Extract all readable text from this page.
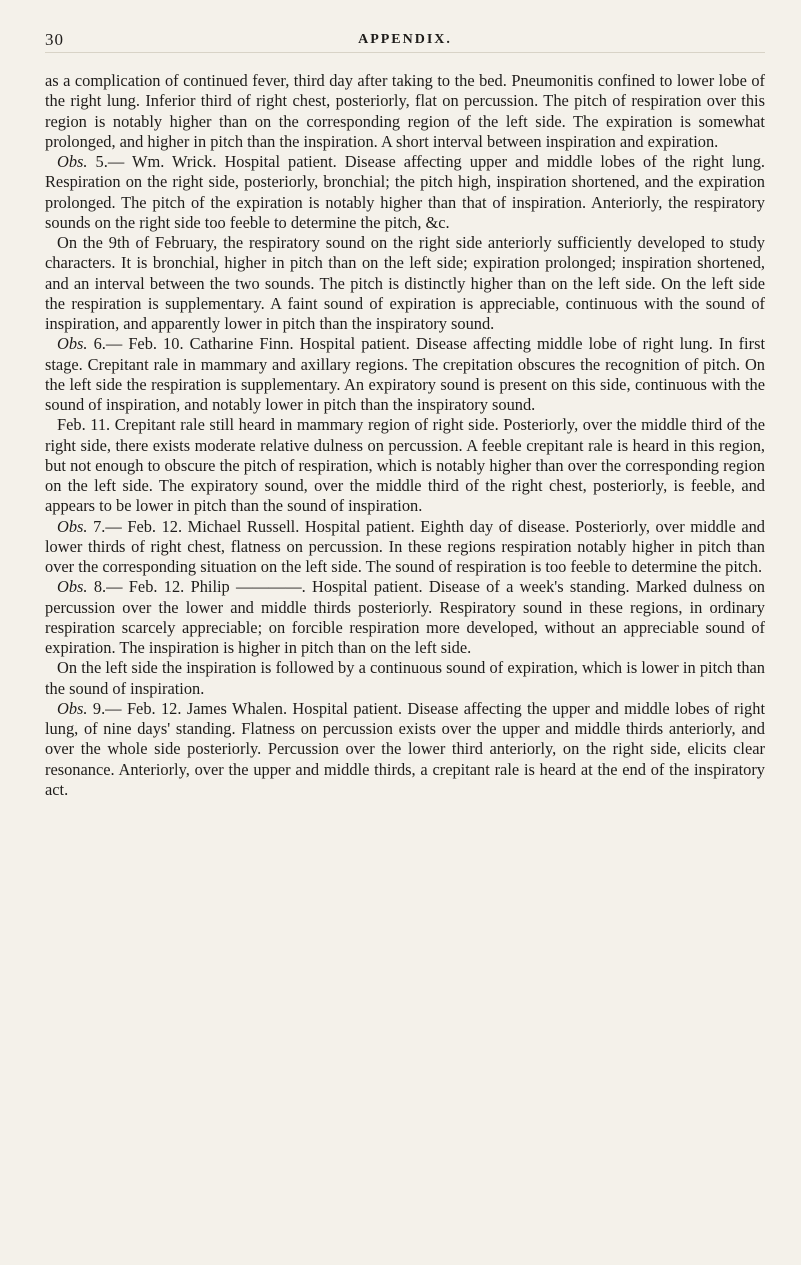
30	APPENDIX.

as a complication of continued fever, third day after taking to the bed. Pneumonitis confined to lower lobe of the right lung. Inferior third of right chest, posteriorly, flat on percussion. The pitch of respiration over this region is notably higher than on the corresponding region of the left side. The expiration is somewhat prolonged, and higher in pitch than the inspiration. A short interval between inspiration and expiration.

Obs. 5.— Wm. Wrick. Hospital patient. Disease affecting upper and middle lobes of the right lung. Respiration on the right side, posteriorly, bronchial; the pitch high, inspiration shortened, and the expiration prolonged. The pitch of the expiration is notably higher than that of inspiration. Anteriorly, the respiratory sounds on the right side too feeble to determine the pitch, &c.

On the 9th of February, the respiratory sound on the right side anteriorly sufficiently developed to study characters. It is bronchial, higher in pitch than on the left side; expiration prolonged; inspiration shortened, and an interval between the two sounds. The pitch is distinctly higher than on the left side. On the left side the respiration is supplementary. A faint sound of expiration is appreciable, continuous with the sound of inspiration, and apparently lower in pitch than the inspiratory sound.

Obs. 6.— Feb. 10. Catharine Finn. Hospital patient. Disease affecting middle lobe of right lung. In first stage. Crepitant rale in mammary and axillary regions. The crepitation obscures the recognition of pitch. On the left side the respiration is supplementary. An expiratory sound is present on this side, continuous with the sound of inspiration, and notably lower in pitch than the inspiratory sound.

Feb. 11. Crepitant rale still heard in mammary region of right side. Posteriorly, over the middle third of the right side, there exists moderate relative dulness on percussion. A feeble crepitant rale is heard in this region, but not enough to obscure the pitch of respiration, which is notably higher than over the corresponding region on the left side. The expiratory sound, over the middle third of the right chest, posteriorly, is feeble, and appears to be lower in pitch than the sound of inspiration.

Obs. 7.— Feb. 12. Michael Russell. Hospital patient. Eighth day of disease. Posteriorly, over middle and lower thirds of right chest, flatness on percussion. In these regions respiration notably higher in pitch than over the corresponding situation on the left side. The sound of respiration is too feeble to determine the pitch.

Obs. 8.— Feb. 12. Philip ————. Hospital patient. Disease of a week's standing. Marked dulness on percussion over the lower and middle thirds posteriorly. Respiratory sound in these regions, in ordinary respiration scarcely appreciable; on forcible respiration more developed, without an appreciable sound of expiration. The inspiration is higher in pitch than on the left side.

On the left side the inspiration is followed by a continuous sound of expiration, which is lower in pitch than the sound of inspiration.

Obs. 9.— Feb. 12. James Whalen. Hospital patient. Disease affecting the upper and middle lobes of right lung, of nine days' standing. Flatness on percussion exists over the upper and middle thirds anteriorly, and over the whole side posteriorly. Percussion over the lower third anteriorly, on the right side, elicits clear resonance. Anteriorly, over the upper and middle thirds, a crepitant rale is heard at the end of the inspiratory act.
